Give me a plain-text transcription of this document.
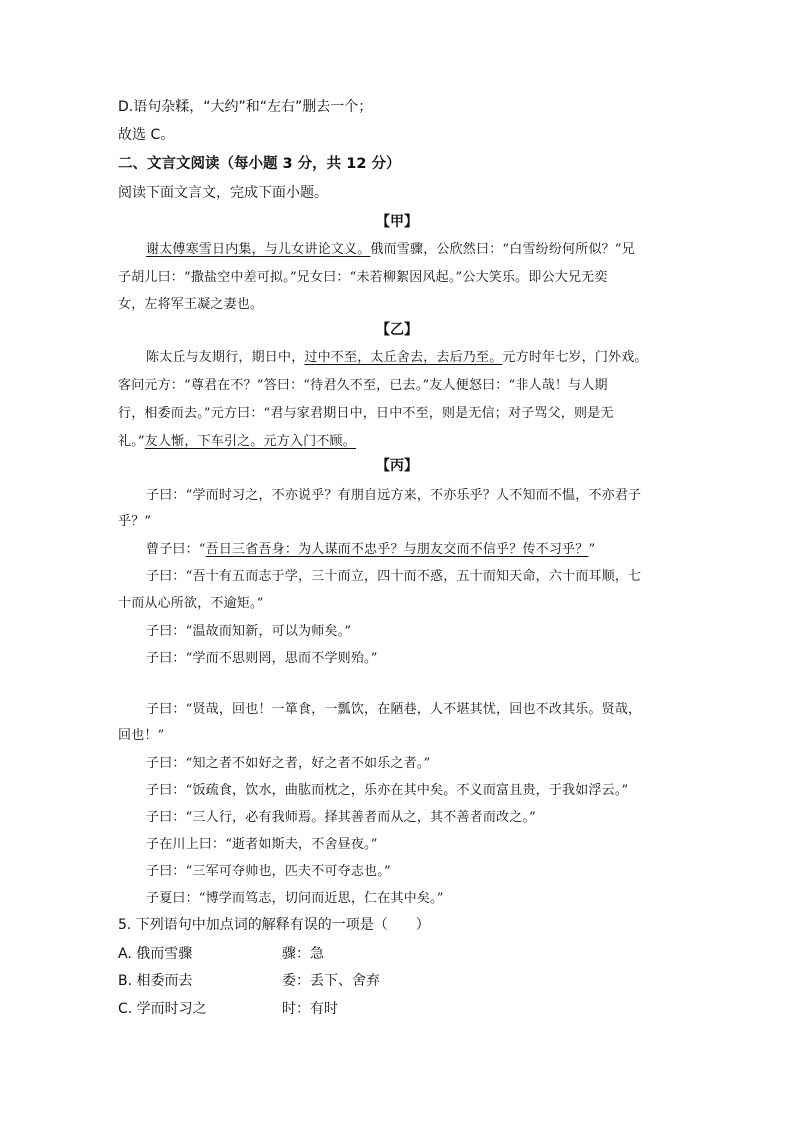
D.语句杂糅，“大约”和“左右”删去一个；
故选 C。
二、文言文阅读（每小题 3 分，共 12 分）
阅读下面文言文，完成下面小题。
【甲】
谢太傅寒雪日内集，与儿女讲论文义。俄而雪骤，公欣然曰：“白雪纷纷何所似？”兄
子胡儿曰：“撒盐空中差可拟。”兄女曰：“未若柳絮因风起。”公大笑乐。即公大兄无奕
女，左将军王凝之妻也。
【乙】
陈太丘与友期行，期日中，过中不至，太丘舍去，去后乃至。元方时年七岁，门外戏。
客问元方：“尊君在不？”答曰：“待君久不至，已去。”友人便怒曰：“非人哉！与人期
行，相委而去。”元方曰：“君与家君期日中，日中不至，则是无信；对子骂父，则是无
礼。”友人惭，下车引之。元方入门不顾。
【丙】
子曰：“学而时习之，不亦说乎？有朋自远方来，不亦乐乎？人不知而不愠，不亦君子
乎？”
曾子曰：“吾日三省吾身：为人谋而不忠乎？与朋友交而不信乎？传不习乎？”
子曰：“吾十有五而志于学，三十而立，四十而不惑，五十而知天命，六十而耳顺，七
十而从心所欲，不逾矩。”
子曰：“温故而知新，可以为师矣。”
子曰：“学而不思则罔，思而不学则殆。”
子曰：“贤哉，回也！一箪食，一瓢饮，在陋巷，人不堪其忧，回也不改其乐。贤哉，
回也！”
子曰：“知之者不如好之者，好之者不如乐之者。”
子曰：“饭疏食，饮水，曲肱而枕之，乐亦在其中矣。不义而富且贵，于我如浮云。”
子曰：“三人行，必有我师焉。择其善者而从之，其不善者而改之。”
子在川上曰：“逝者如斯夫，不舍昼夜。”
子曰：“三军可夺帅也，匹夫不可夺志也。”
子夏曰：“博学而笃志，切问而近思，仁在其中矣。”
5. 下列语句中加点词的解释有误的一项是（　　）
A. 俄而雪骤	骤：急
B. 相委而去	委：丢下、舍弃
C. 学而时习之	时：有时
